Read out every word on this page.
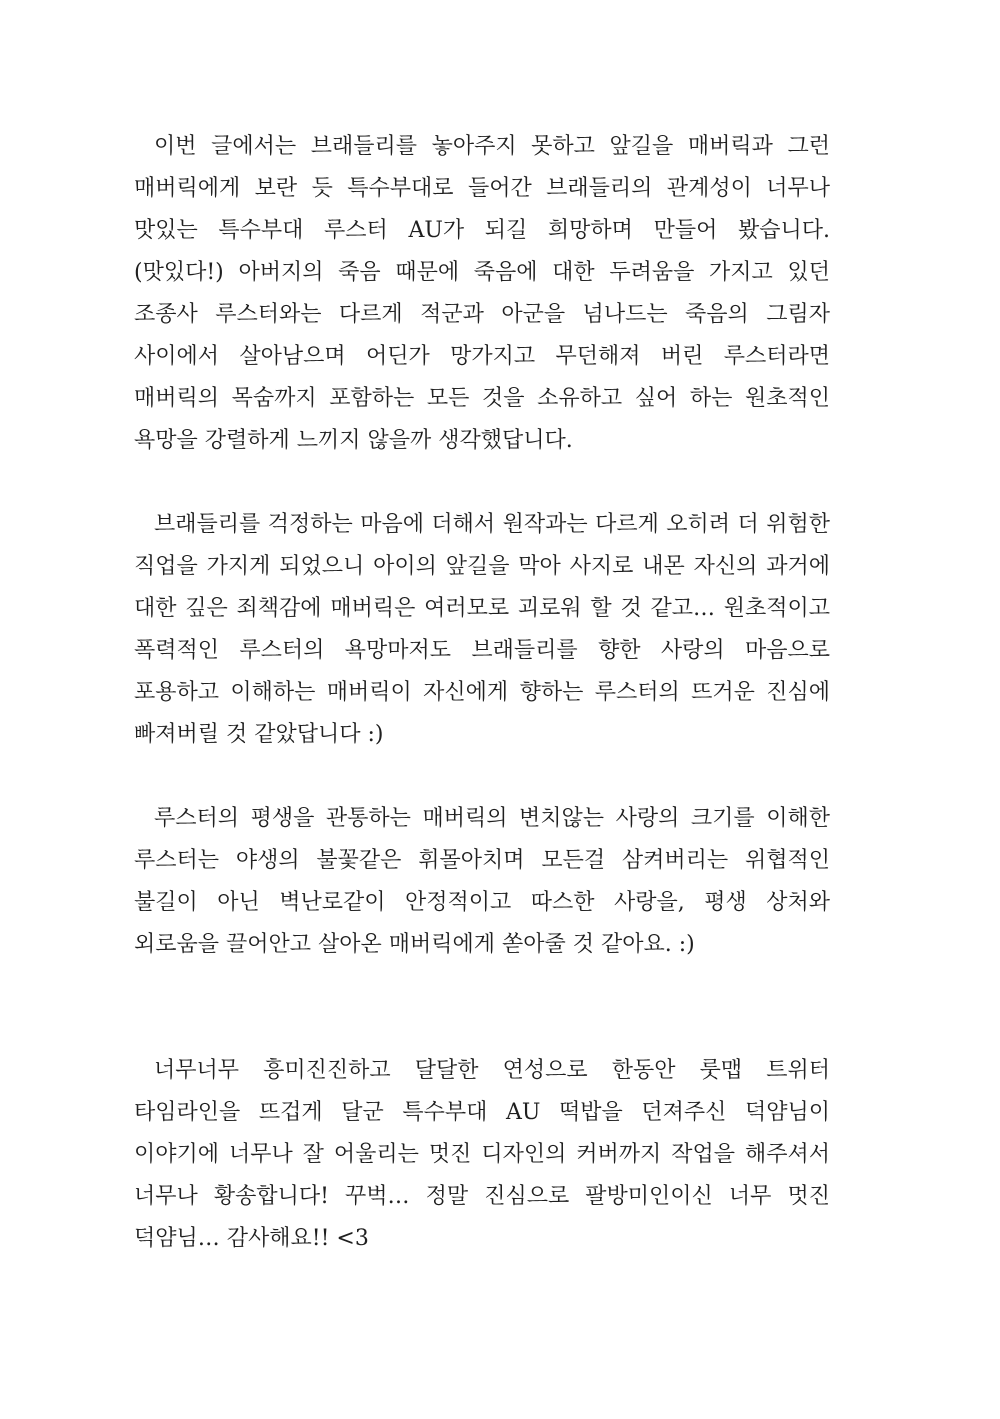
이번 글에서는 브래들리를 놓아주지 못하고 앞길을 매버릭과 그런 매버릭에게 보란 듯 특수부대로 들어간 브래들리의 관계성이 너무나 맛있는 특수부대 루스터 AU가 되길 희망하며 만들어 봤습니다. (맛있다!) 아버지의 죽음 때문에 죽음에 대한 두려움을 가지고 있던 조종사 루스터와는 다르게 적군과 아군을 넘나드는 죽음의 그림자 사이에서 살아남으며 어딘가 망가지고 무던해져 버린 루스터라면 매버릭의 목숨까지 포함하는 모든 것을 소유하고 싶어 하는 원초적인 욕망을 강렬하게 느끼지 않을까 생각했답니다.

브래들리를 걱정하는 마음에 더해서 원작과는 다르게 오히려 더 위험한 직업을 가지게 되었으니 아이의 앞길을 막아 사지로 내몬 자신의 과거에 대한 깊은 죄책감에 매버릭은 여러모로 괴로워 할 것 같고… 원초적이고 폭력적인 루스터의 욕망마저도 브래들리를 향한 사랑의 마음으로 포용하고 이해하는 매버릭이 자신에게 향하는 루스터의 뜨거운 진심에 빠져버릴 것 같았답니다 :)

루스터의 평생을 관통하는 매버릭의 변치않는 사랑의 크기를 이해한 루스터는 야생의 불꽃같은 휘몰아치며 모든걸 삼켜버리는 위협적인 불길이 아닌 벽난로같이 안정적이고 따스한 사랑을, 평생 상처와 외로움을 끌어안고 살아온 매버릭에게 쏟아줄 것 같아요. :)

너무너무 흥미진진하고 달달한 연성으로 한동안 룻맵 트위터 타임라인을 뜨겁게 달군 특수부대 AU 떡밥을 던져주신 덕얌님이 이야기에 너무나 잘 어울리는 멋진 디자인의 커버까지 작업을 해주셔서 너무나 황송합니다! 꾸벅… 정말 진심으로 팔방미인이신 너무 멋진 덕얌님… 감사해요!! <3
